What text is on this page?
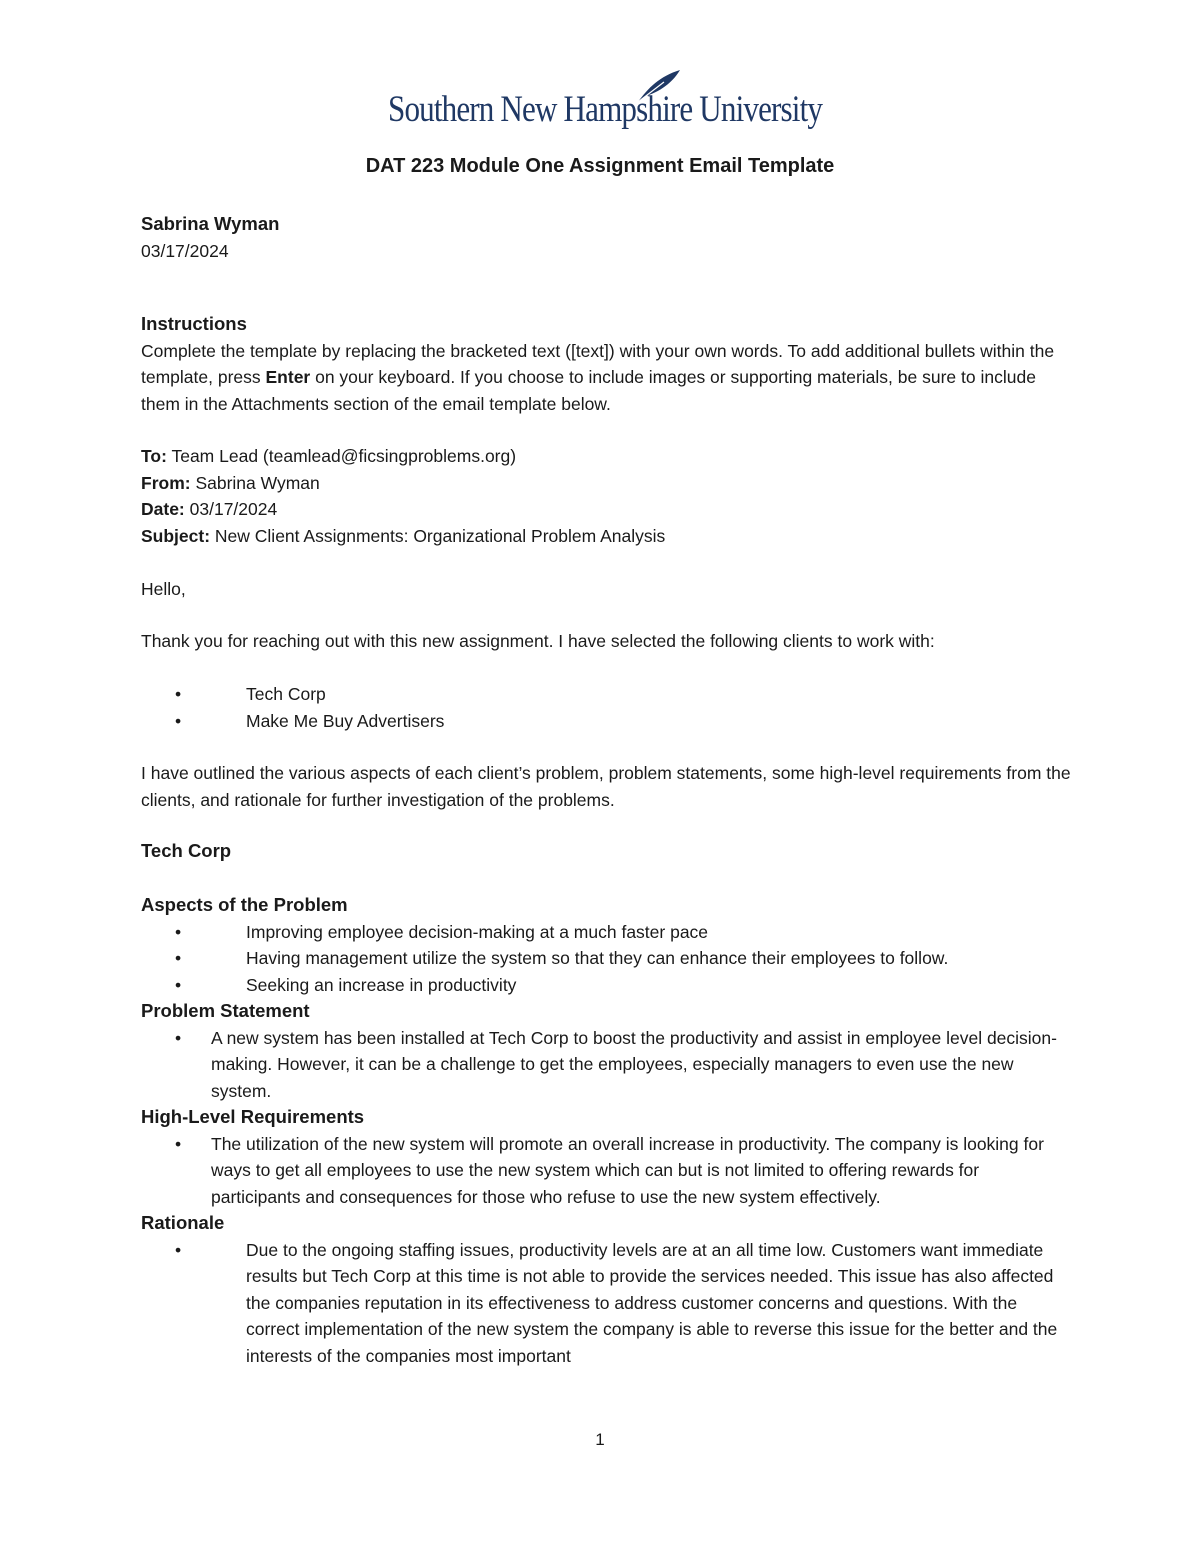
Southern New Hampshire University
DAT 223 Module One Assignment Email Template

Sabrina Wyman

03/17/2024

Instructions

Complete the template by replacing the bracketed text ([text]) with your own words. To add additional bullets within the template, press Enter on your keyboard. If you choose to include images or supporting materials, be sure to include them in the Attachments section of the email template below.

To: Team Lead (teamlead@ficsingproblems.org)

From: Sabrina Wyman

Date: 03/17/2024

Subject: New Client Assignments: Organizational Problem Analysis

Hello,
Thank you for reaching out with this new assignment. I have selected the following clients to work with:
•	Tech Corp
•	Make Me Buy Advertisers
I have outlined the various aspects of each client’s problem, problem statements, some high-level requirements from the clients, and rationale for further investigation of the problems.
Tech Corp

Aspects of the Problem

•	Improving employee decision-making at a much faster pace
•	Having management utilize the system so that they can enhance their employees to follow.
•	Seeking an increase in productivity

Problem Statement

•	A new system has been installed at Tech Corp to boost the productivity and assist in employee level decision-making. However, it can be a challenge to get the employees, especially managers to even use the new system.

High-Level Requirements

•	The utilization of the new system will promote an overall increase in productivity. The company is looking for ways to get all employees to use the new system which can but is not limited to offering rewards for participants and consequences for those who refuse to use the new system effectively.

Rationale

•	Due to the ongoing staffing issues, productivity levels are at an all time low. Customers want immediate results but Tech Corp at this time is not able to provide the services needed. This issue has also affected the companies reputation in its effectiveness to address customer concerns and questions. With the correct implementation of the new system the company is able to reverse this issue for the better and the interests of the companies most important
1
